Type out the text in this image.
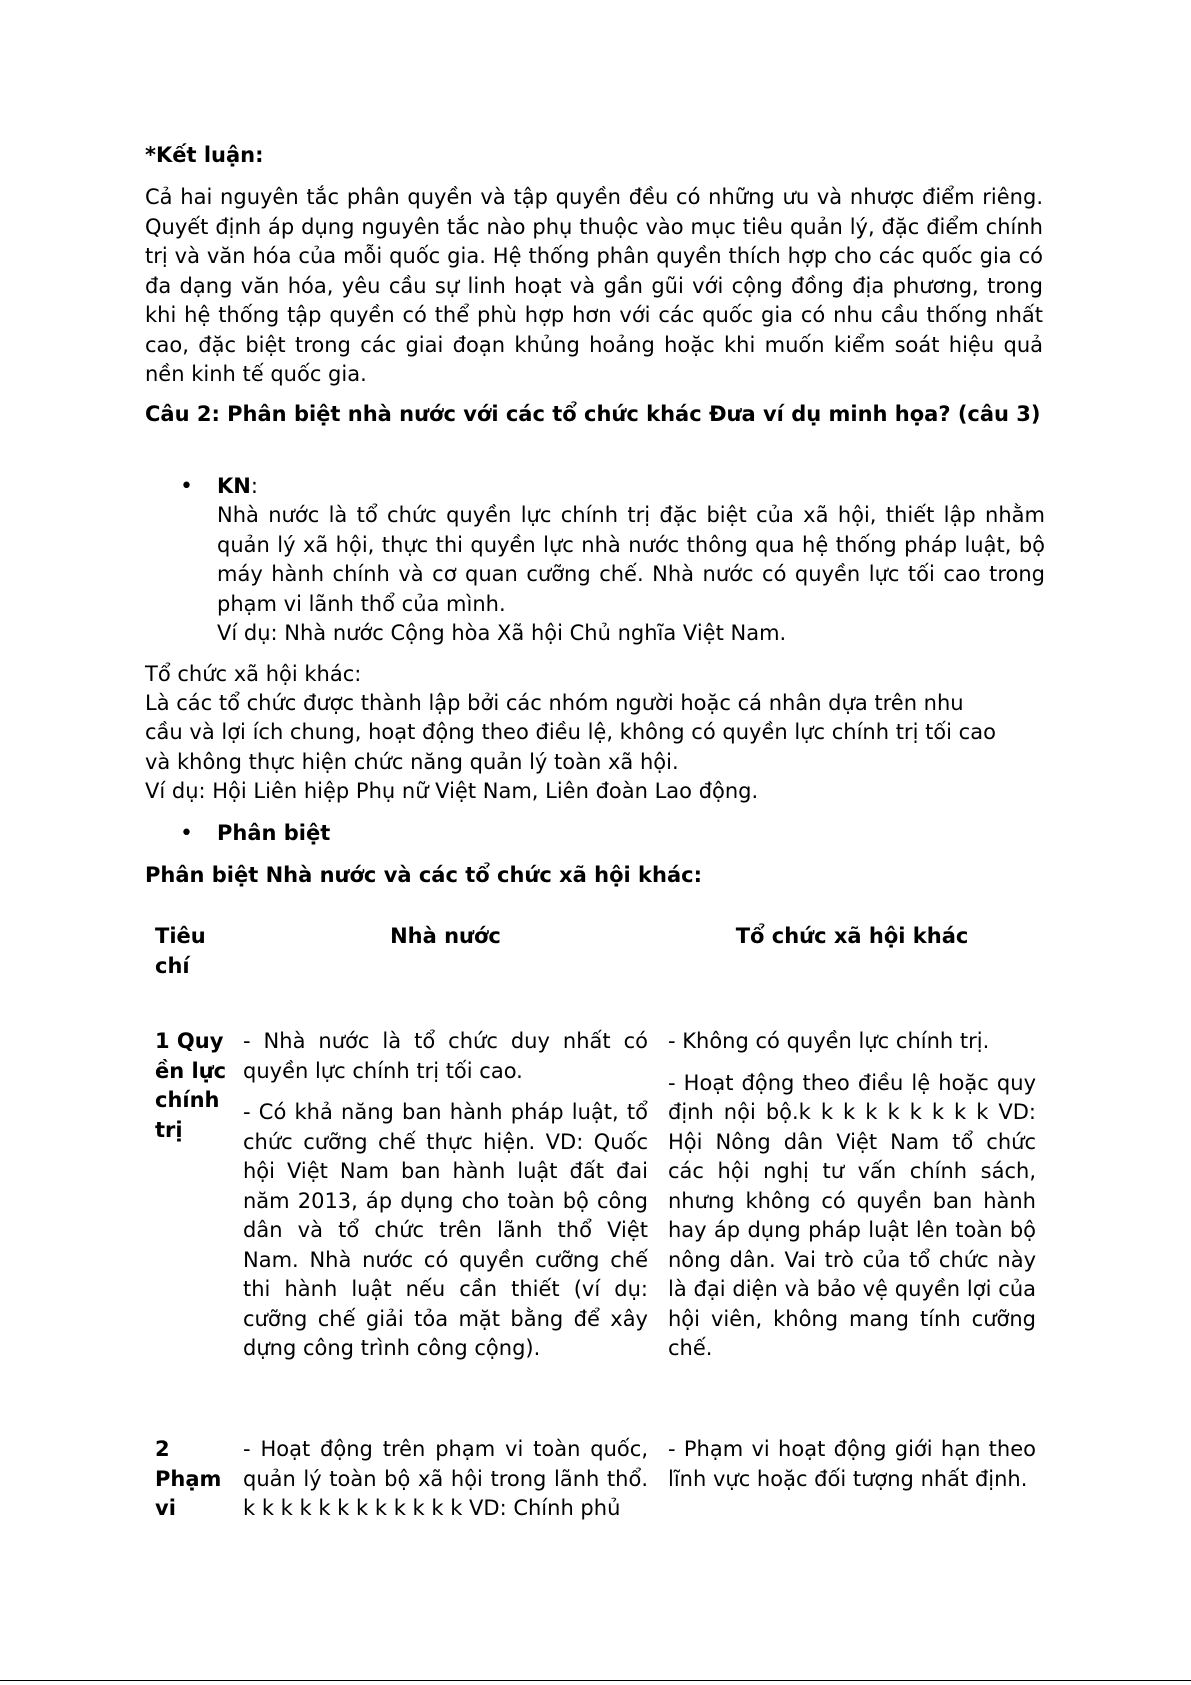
*Kết luận:

Cả hai nguyên tắc phân quyền và tập quyền đều có những ưu và nhược điểm riêng. Quyết định áp dụng nguyên tắc nào phụ thuộc vào mục tiêu quản lý, đặc điểm chính trị và văn hóa của mỗi quốc gia. Hệ thống phân quyền thích hợp cho các quốc gia có đa dạng văn hóa, yêu cầu sự linh hoạt và gần gũi với cộng đồng địa phương, trong khi hệ thống tập quyền có thể phù hợp hơn với các quốc gia có nhu cầu thống nhất cao, đặc biệt trong các giai đoạn khủng hoảng hoặc khi muốn kiểm soát hiệu quả nền kinh tế quốc gia.

Câu 2: Phân biệt nhà nước với các tổ chức khác Đưa ví dụ minh họa? (câu 3)

• KN:

Nhà nước là tổ chức quyền lực chính trị đặc biệt của xã hội, thiết lập nhằm quản lý xã hội, thực thi quyền lực nhà nước thông qua hệ thống pháp luật, bộ máy hành chính và cơ quan cưỡng chế. Nhà nước có quyền lực tối cao trong phạm vi lãnh thổ của mình.

Ví dụ: Nhà nước Cộng hòa Xã hội Chủ nghĩa Việt Nam.

Tổ chức xã hội khác:

Là các tổ chức được thành lập bởi các nhóm người hoặc cá nhân dựa trên nhu

cầu và lợi ích chung, hoạt động theo điều lệ, không có quyền lực chính trị tối cao

và không thực hiện chức năng quản lý toàn xã hội.

Ví dụ: Hội Liên hiệp Phụ nữ Việt Nam, Liên đoàn Lao động.

• Phân biệt

Phân biệt Nhà nước và các tổ chức xã hội khác:

Tiêu chí

Nhà nước	Tổ chức xã hội khác

1 Quyền lực chính trị

- Nhà nước là tổ chức duy nhất có quyền lực chính trị tối cao.

- Có khả năng ban hành pháp luật, tổ chức cưỡng chế thực hiện. VD: Quốc hội Việt Nam ban hành luật đất đai năm 2013, áp dụng cho toàn bộ công dân và tổ chức trên lãnh thổ Việt Nam. Nhà nước có quyền cưỡng chế thi hành luật nếu cần thiết (ví dụ: cưỡng chế giải tỏa mặt bằng để xây dựng công trình công cộng).

- Không có quyền lực chính trị.

- Hoạt động theo điều lệ hoặc quy định nội bộ.k k k k k k k k k VD: Hội Nông dân Việt Nam tổ chức các hội nghị tư vấn chính sách, nhưng không có quyền ban hành hay áp dụng pháp luật lên toàn bộ nông dân. Vai trò của tổ chức này là đại diện và bảo vệ quyền lợi của hội viên, không mang tính cưỡng chế.

2 Phạm vi

- Hoạt động trên phạm vi toàn quốc, quản lý toàn bộ xã hội trong lãnh thổ. k k k k k k k k k k k k VD: Chính phủ

- Phạm vi hoạt động giới hạn theo lĩnh vực hoặc đối tượng nhất định.
